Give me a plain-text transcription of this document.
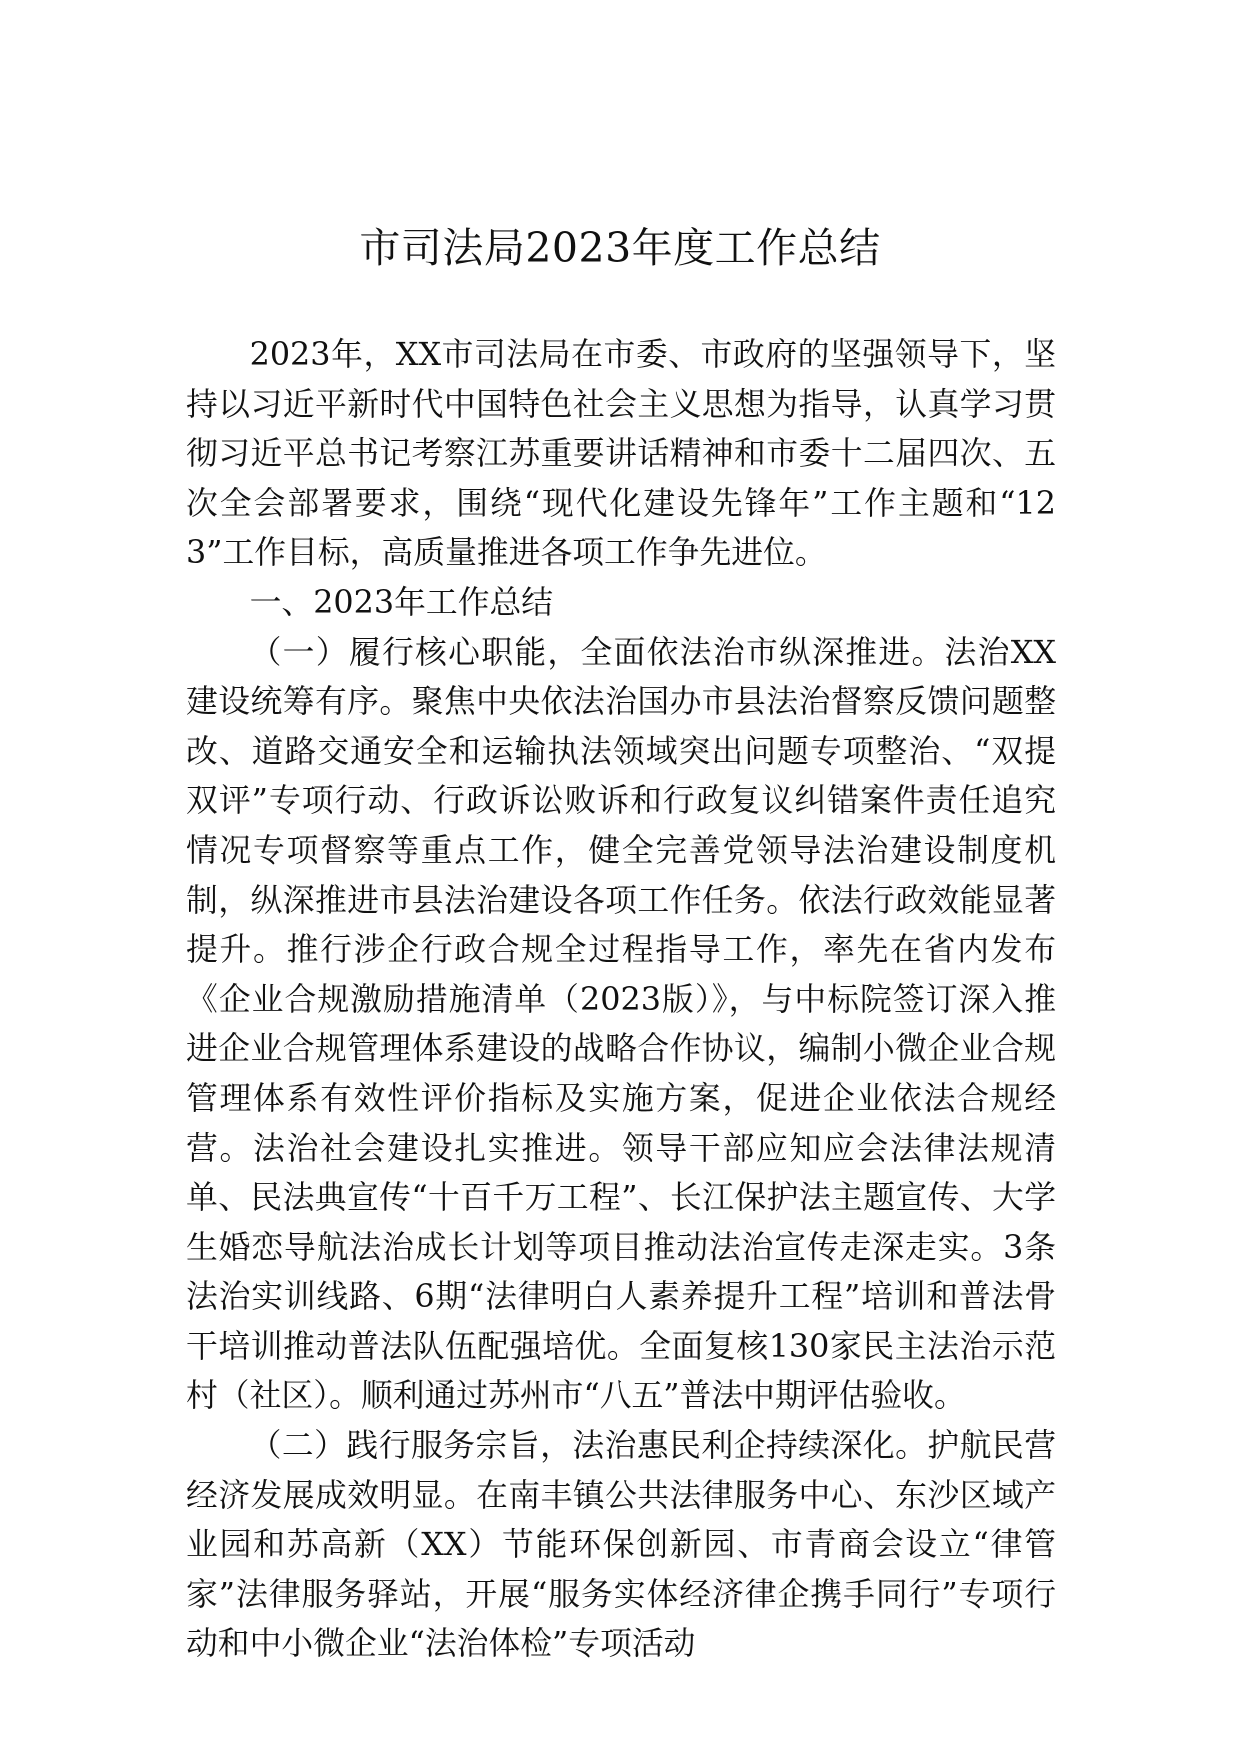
市司法局2023年度工作总结

2023年，XX市司法局在市委、市政府的坚强领导下，坚持以习近平新时代中国特色社会主义思想为指导，认真学习贯彻习近平总书记考察江苏重要讲话精神和市委十二届四次、五次全会部署要求，围绕“现代化建设先锋年”工作主题和“123”工作目标，高质量推进各项工作争先进位。

一、2023年工作总结

（一）履行核心职能，全面依法治市纵深推进。法治XX建设统筹有序。聚焦中央依法治国办市县法治督察反馈问题整改、道路交通安全和运输执法领域突出问题专项整治、“双提双评”专项行动、行政诉讼败诉和行政复议纠错案件责任追究情况专项督察等重点工作，健全完善党领导法治建设制度机制，纵深推进市县法治建设各项工作任务。依法行政效能显著提升。推行涉企行政合规全过程指导工作，率先在省内发布《企业合规激励措施清单（2023版）》，与中标院签订深入推进企业合规管理体系建设的战略合作协议，编制小微企业合规管理体系有效性评价指标及实施方案，促进企业依法合规经营。法治社会建设扎实推进。领导干部应知应会法律法规清单、民法典宣传“十百千万工程”、长江保护法主题宣传、大学生婚恋导航法治成长计划等项目推动法治宣传走深走实。3条法治实训线路、6期“法律明白人素养提升工程”培训和普法骨干培训推动普法队伍配强培优。全面复核130家民主法治示范村（社区）。顺利通过苏州市“八五”普法中期评估验收。

（二）践行服务宗旨，法治惠民利企持续深化。护航民营经济发展成效明显。在南丰镇公共法律服务中心、东沙区域产业园和苏高新（XX）节能环保创新园、市青商会设立“律管家”法律服务驿站，开展“服务实体经济律企携手同行”专项行动和中小微企业“法治体检”专项活动
